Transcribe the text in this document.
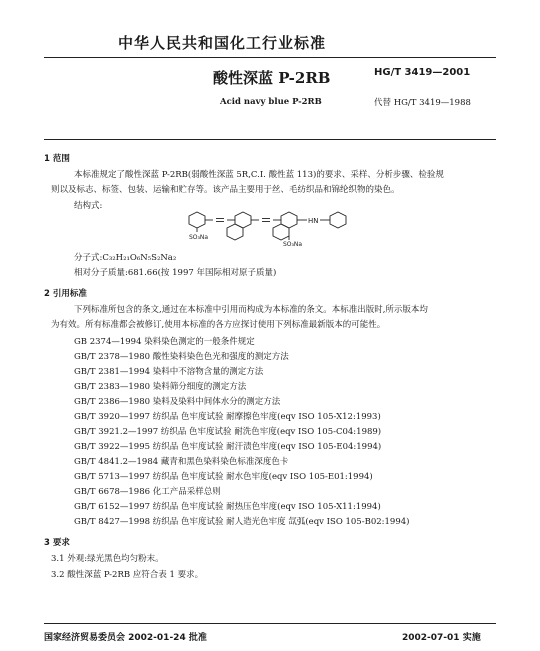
中华人民共和国化工行业标准
酸性深蓝 P-2RB	HG/T 3419—2001
Acid navy blue P-2RB	代替 HG/T 3419—1988
1 范围
本标准规定了酸性深蓝 P-2RB(弱酸性深蓝 5R,C.I. 酸性蓝 113)的要求、采样、分析步骤、检验规
则以及标志、标签、包装、运输和贮存等。该产品主要用于丝、毛纺织品和锦纶织物的染色。
结构式:
HN
SO₃Na
SO₃Na
分子式:C₃₂H₂₁O₆N₅S₂Na₂
相对分子质量:681.66(按 1997 年国际相对原子质量)
2 引用标准
下列标准所包含的条文,通过在本标准中引用而构成为本标准的条文。本标准出版时,所示版本均
为有效。所有标准都会被修订,使用本标准的各方应探讨使用下列标准最新版本的可能性。
GB 2374—1994 染料染色测定的一般条件规定
GB/T 2378—1980 酸性染料染色色光和强度的测定方法
GB/T 2381—1994 染料中不溶物含量的测定方法
GB/T 2383—1980 染料筛分细度的测定方法
GB/T 2386—1980 染料及染料中间体水分的测定方法
GB/T 3920—1997 纺织品 色牢度试验 耐摩擦色牢度(eqv ISO 105-X12:1993)
GB/T 3921.2—1997 纺织品 色牢度试验 耐洗色牢度(eqv ISO 105-C04:1989)
GB/T 3922—1995 纺织品 色牢度试验 耐汗渍色牢度(eqv ISO 105-E04:1994)
GB/T 4841.2—1984 藏青和黑色染料染色标准深度色卡
GB/T 5713—1997 纺织品 色牢度试验 耐水色牢度(eqv ISO 105-E01:1994)
GB/T 6678—1986 化工产品采样总则
GB/T 6152—1997 纺织品 色牢度试验 耐热压色牢度(eqv ISO 105-X11:1994)
GB/T 8427—1998 纺织品 色牢度试验 耐人造光色牢度 氙弧(eqv ISO 105-B02:1994)
3 要求
3.1 外观:绿光黑色均匀粉末。
3.2 酸性深蓝 P-2RB 应符合表 1 要求。
国家经济贸易委员会 2002-01-24 批准	2002-07-01 实施
